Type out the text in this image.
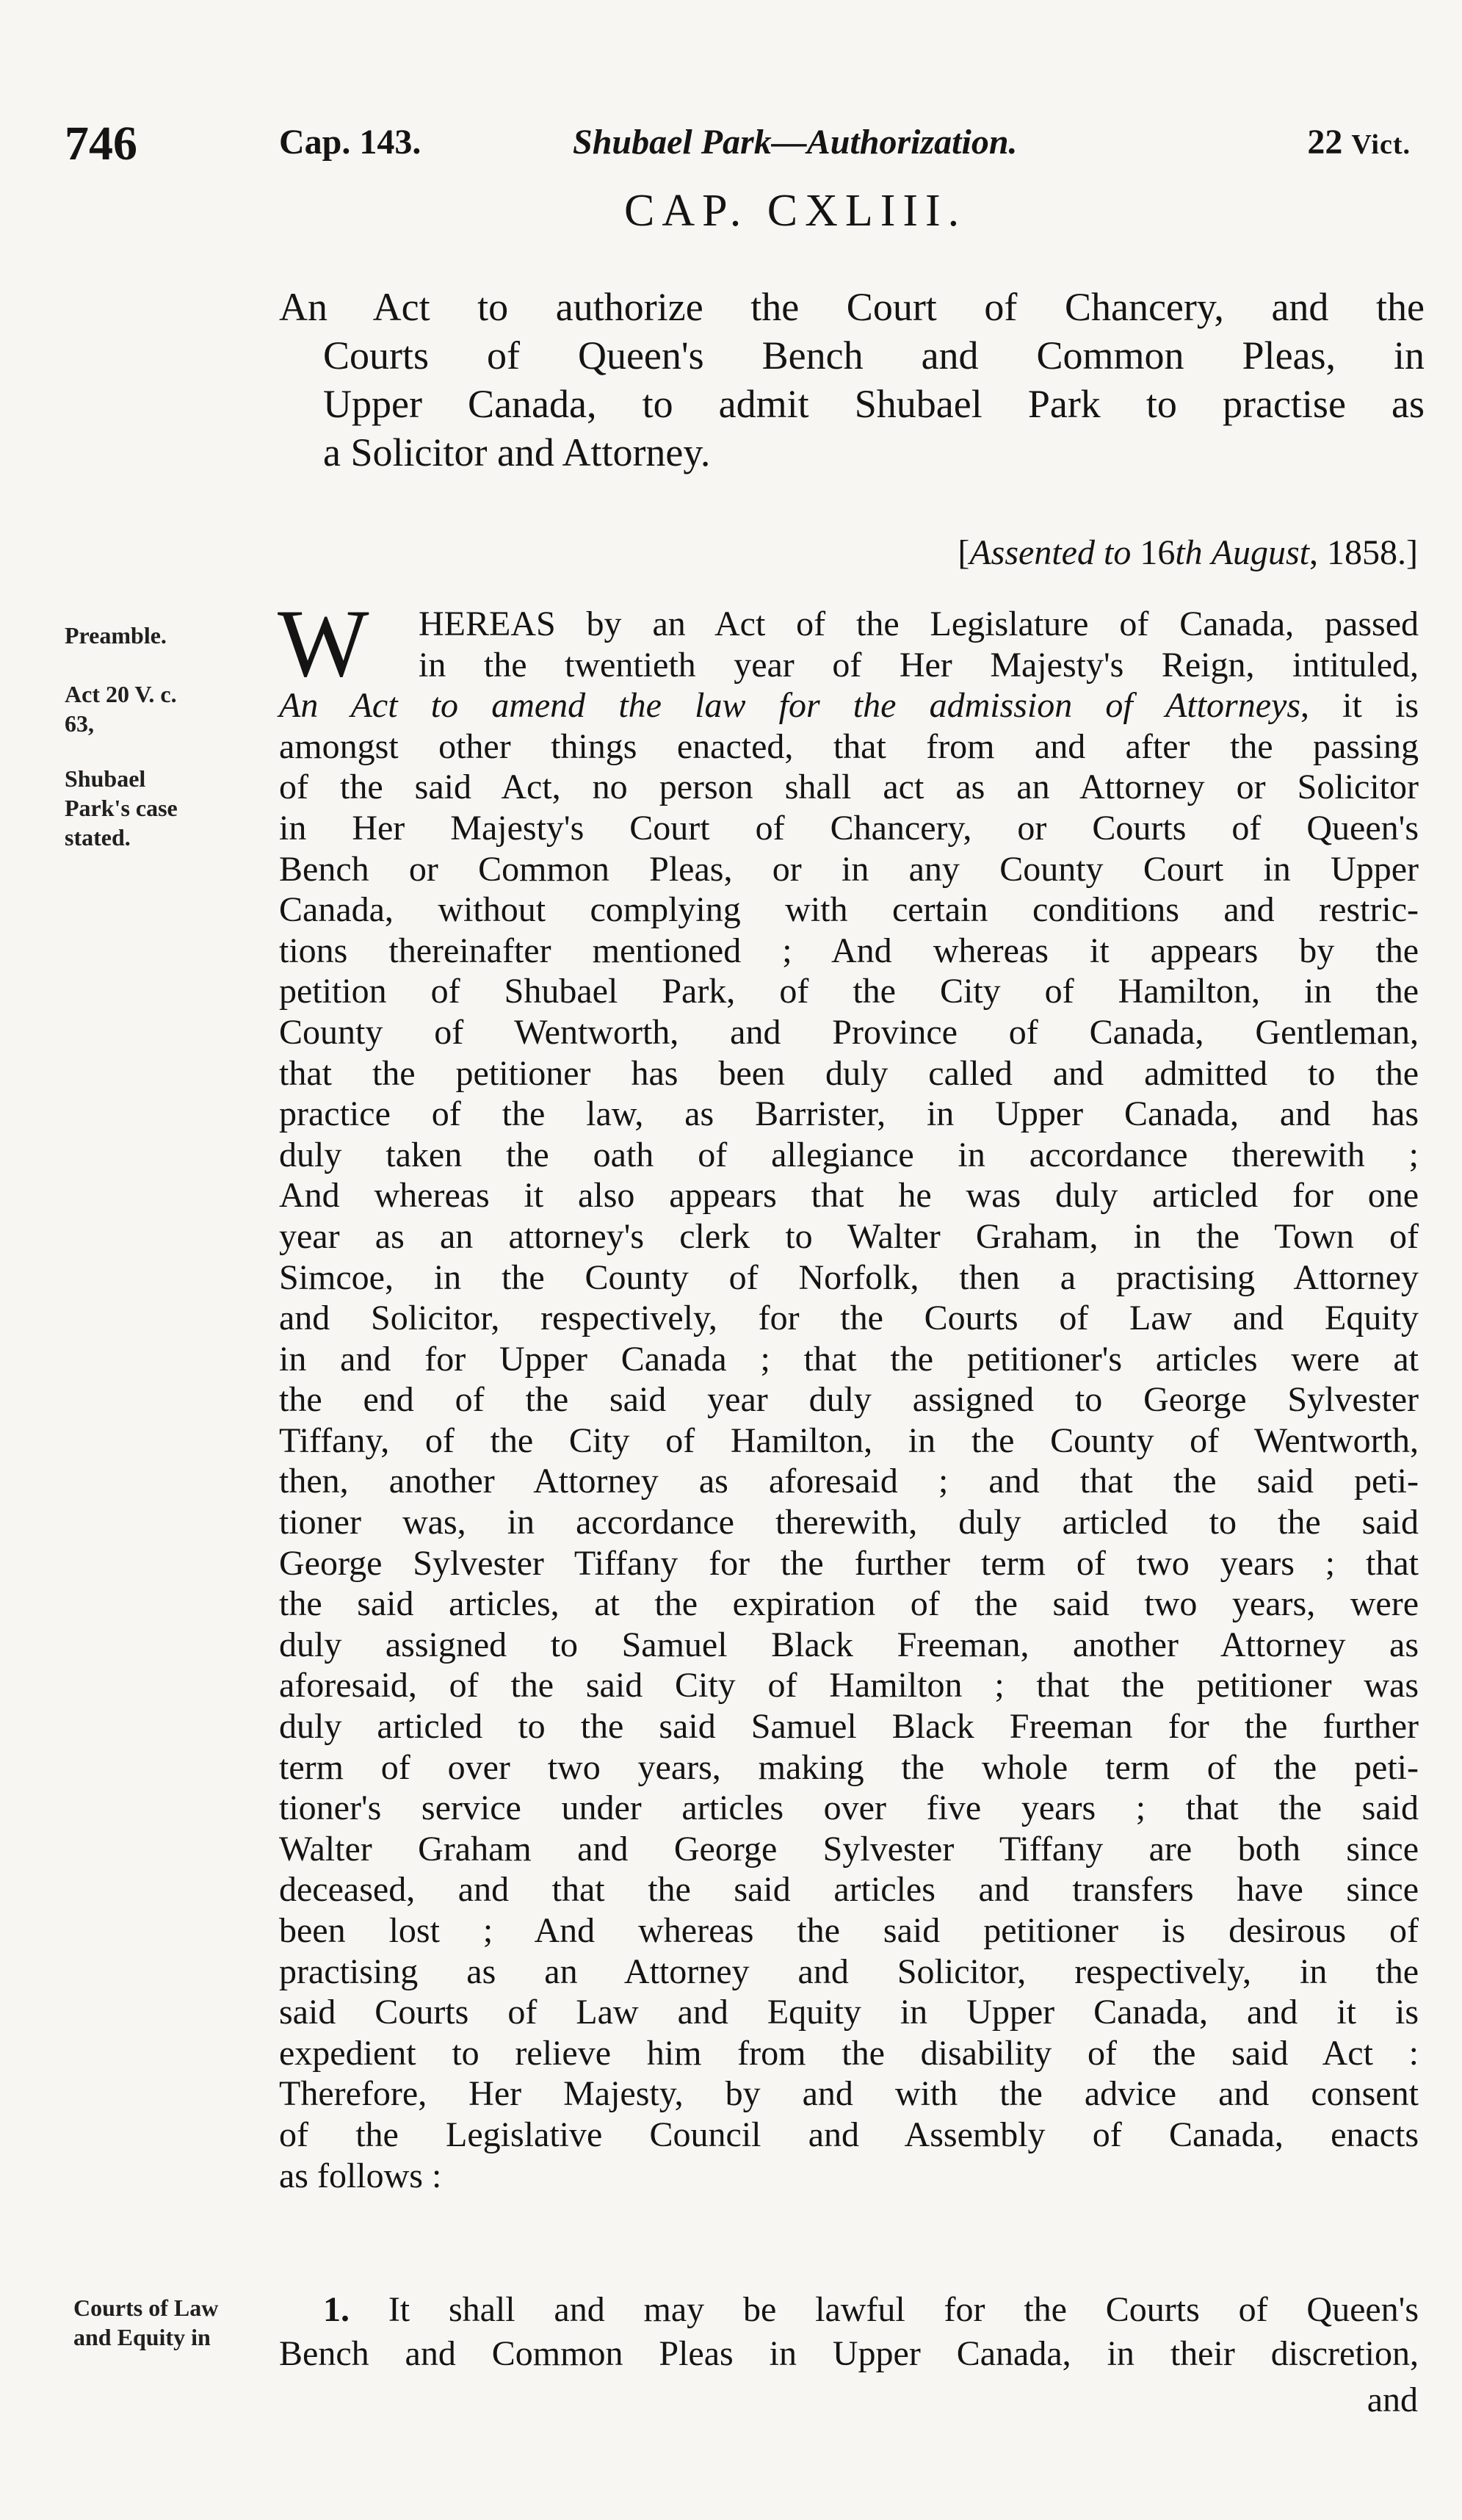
746	Cap. 143.	Shubael Park—Authorization.	22 Vict.
CAP. CXLIII.
An Act to authorize the Court of Chancery, and the
Courts of Queen's Bench and Common Pleas, in
Upper Canada, to admit Shubael Park to practise as
a Solicitor and Attorney.
[Assented to 16th August, 1858.]
Preamble.
Act 20 V. c.
63,
Shubael
Park's case
stated.
Courts of Law
and Equity in
W	HEREAS by an Act of the Legislature of Canada, passed
in the twentieth year of Her Majesty's Reign, intituled,
An Act to amend the law for the admission of Attorneys, it is
amongst other things enacted, that from and after the passing
of the said Act, no person shall act as an Attorney or Solicitor
in Her Majesty's Court of Chancery, or Courts of Queen's
Bench or Common Pleas, or in any County Court in Upper
Canada, without complying with certain conditions and restric-
tions thereinafter mentioned ; And whereas it appears by the
petition of Shubael Park, of the City of Hamilton, in the
County of Wentworth, and Province of Canada, Gentleman,
that the petitioner has been duly called and admitted to the
practice of the law, as Barrister, in Upper Canada, and has
duly taken the oath of allegiance in accordance therewith ;
And whereas it also appears that he was duly articled for one
year as an attorney's clerk to Walter Graham, in the Town of
Simcoe, in the County of Norfolk, then a practising Attorney
and Solicitor, respectively, for the Courts of Law and Equity
in and for Upper Canada ; that the petitioner's articles were at
the end of the said year duly assigned to George Sylvester
Tiffany, of the City of Hamilton, in the County of Wentworth,
then, another Attorney as aforesaid ; and that the said peti-
tioner was, in accordance therewith, duly articled to the said
George Sylvester Tiffany for the further term of two years ; that
the said articles, at the expiration of the said two years, were
duly assigned to Samuel Black Freeman, another Attorney as
aforesaid, of the said City of Hamilton ; that the petitioner was
duly articled to the said Samuel Black Freeman for the further
term of over two years, making the whole term of the peti-
tioner's service under articles over five years ; that the said
Walter Graham and George Sylvester Tiffany are both since
deceased, and that the said articles and transfers have since
been lost ; And whereas the said petitioner is desirous of
practising as an Attorney and Solicitor, respectively, in the
said Courts of Law and Equity in Upper Canada, and it is
expedient to relieve him from the disability of the said Act :
Therefore, Her Majesty, by and with the advice and consent
of the Legislative Council and Assembly of Canada, enacts
as follows :
1. It shall and may be lawful for the Courts of Queen's
Bench and Common Pleas in Upper Canada, in their discretion,
and
